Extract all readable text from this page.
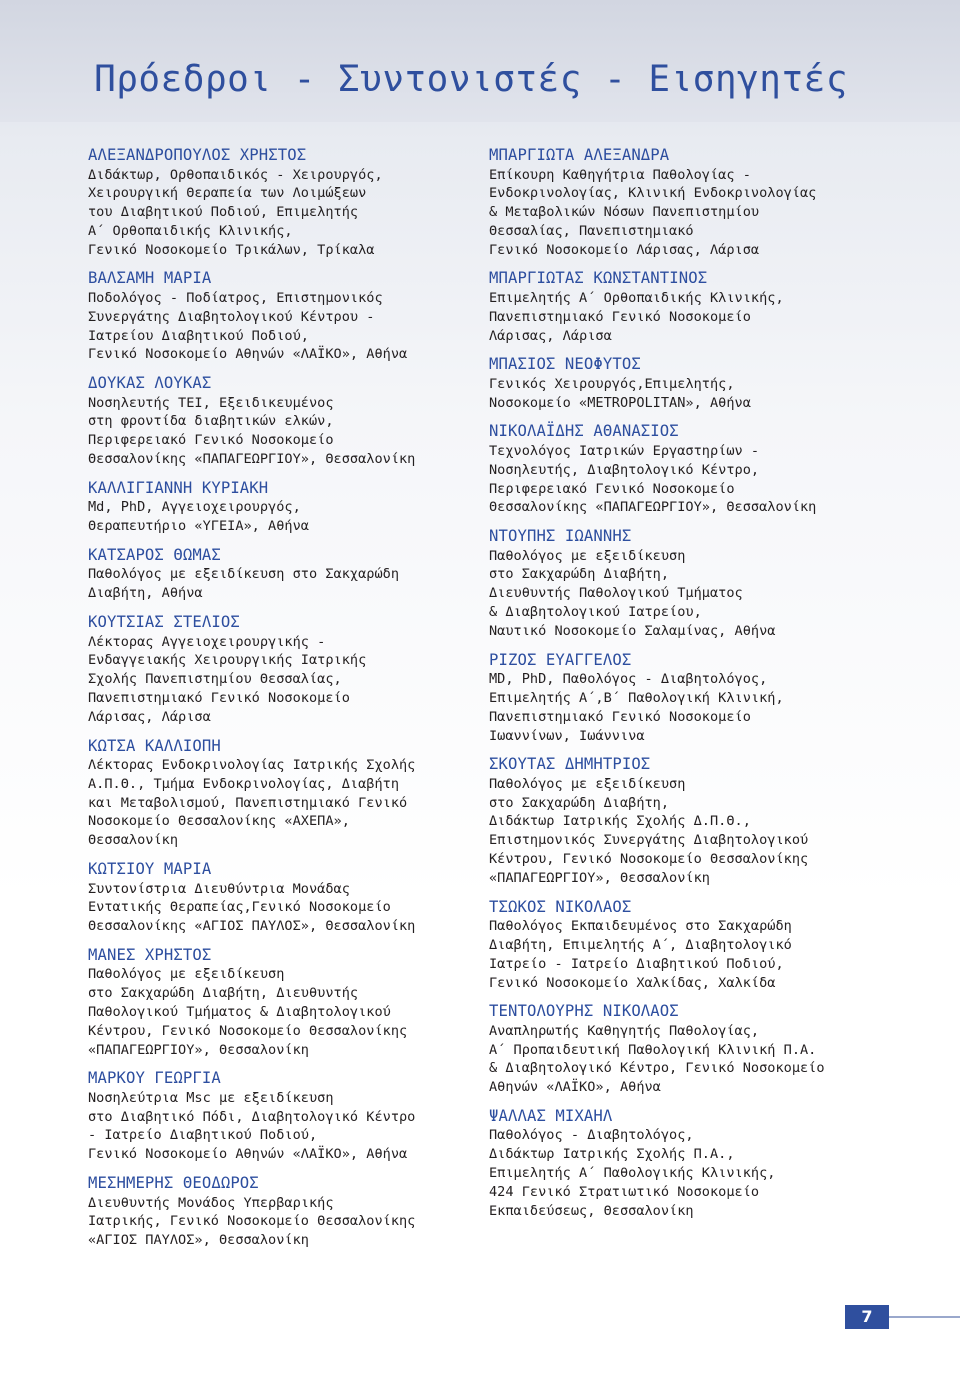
Πρόεδροι - Συντονιστές - Εισηγητές
ΑΛΕΞΑΝΔΡΟΠΟΥΛΟΣ ΧΡΗΣΤΟΣ
Διδάκτωρ, Ορθοπαιδικός - Χειρουργός,
Χειρουργική Θεραπεία των Λοιμώξεων
του Διαβητικού Ποδιού, Επιμελητής
Α΄ Ορθοπαιδικής Κλινικής,
Γενικό Νοσοκομείο Τρικάλων, Τρίκαλα
ΒΑΛΣΑΜΗ ΜΑΡΙΑ
Ποδολόγος - Ποδίατρος, Επιστημονικός
Συνεργάτης Διαβητολογικού Κέντρου -
Ιατρείου Διαβητικού Ποδιού,
Γενικό Νοσοκομείο Αθηνών «ΛΑΪΚΟ», Αθήνα
ΔΟΥΚΑΣ ΛΟΥΚΑΣ
Νοσηλευτής ΤΕΙ, Εξειδικευμένος
στη φροντίδα διαβητικών ελκών,
Περιφερειακό Γενικό Νοσοκομείο
Θεσσαλονίκης «ΠΑΠΑΓΕΩΡΓΙΟΥ», Θεσσαλονίκη
ΚΑΛΛΙΓΙΑΝΝΗ ΚΥΡΙΑΚΗ
Md, PhD, Αγγειοχειρουργός,
Θεραπευτήριο «ΥΓΕΙΑ», Αθήνα
ΚΑΤΣΑΡΟΣ ΘΩΜΑΣ
Παθολόγος με εξειδίκευση στο Σακχαρώδη
Διαβήτη, Αθήνα
ΚΟΥΤΣΙΑΣ ΣΤΕΛΙΟΣ
Λέκτορας Αγγειοχειρουργικής -
Ενδαγγειακής Χειρουργικής Ιατρικής
Σχολής Πανεπιστημίου Θεσσαλίας,
Πανεπιστημιακό Γενικό Νοσοκομείο
Λάρισας, Λάρισα
ΚΩΤΣΑ ΚΑΛΛΙΟΠΗ
Λέκτορας Ενδοκρινολογίας Ιατρικής Σχολής
Α.Π.Θ., Τμήμα Ενδοκρινολογίας, Διαβήτη
και Μεταβολισμού, Πανεπιστημιακό Γενικό
Νοσοκομείο Θεσσαλονίκης «ΑΧΕΠΑ»,
Θεσσαλονίκη
ΚΩΤΣΙΟΥ ΜΑΡΙΑ
Συντονίστρια Διευθύντρια Μονάδας
Εντατικής Θεραπείας,Γενικό Νοσοκομείο
Θεσσαλονίκης «ΑΓΙΟΣ ΠΑΥΛΟΣ», Θεσσαλονίκη
ΜΑΝΕΣ ΧΡΗΣΤΟΣ
Παθολόγος με εξειδίκευση
στο Σακχαρώδη Διαβήτη, Διευθυντής
Παθολογικού Τμήματος & Διαβητολογικού
Κέντρου, Γενικό Νοσοκομείο Θεσσαλονίκης
«ΠΑΠΑΓΕΩΡΓΙΟΥ», Θεσσαλονίκη
ΜΑΡΚΟΥ ΓΕΩΡΓΙΑ
Νοσηλεύτρια Msc με εξειδίκευση
στο Διαβητικό Πόδι, Διαβητολογικό Κέντρο
- Ιατρείο Διαβητικού Ποδιού,
Γενικό Νοσοκομείο Αθηνών «ΛΑΪΚΟ», Αθήνα
ΜΕΣΗΜΕΡΗΣ ΘΕΟΔΩΡΟΣ
Διευθυντής Μονάδος Υπερβαρικής
Ιατρικής, Γενικό Νοσοκομείο Θεσσαλονίκης
«ΑΓΙΟΣ ΠΑΥΛΟΣ», Θεσσαλονίκη
ΜΠΑΡΓΙΩΤΑ ΑΛΕΞΑΝΔΡΑ
Επίκουρη Καθηγήτρια Παθολογίας -
Ενδοκρινολογίας, Κλινική Ενδοκρινολογίας
& Μεταβολικών Νόσων Πανεπιστημίου
Θεσσαλίας, Πανεπιστημιακό
Γενικό Νοσοκομείο Λάρισας, Λάρισα
ΜΠΑΡΓΙΩΤΑΣ ΚΩΝΣΤΑΝΤΙΝΟΣ
Επιμελητής Α΄ Ορθοπαιδικής Κλινικής,
Πανεπιστημιακό Γενικό Νοσοκομείο
Λάρισας, Λάρισα
ΜΠΑΣΙΟΣ ΝΕΟΦΥΤΟΣ
Γενικός Χειρουργός,Επιμελητής,
Νοσοκομείο «METROPOLITAN», Αθήνα
ΝΙΚΟΛΑΪΔΗΣ ΑΘΑΝΑΣΙΟΣ
Τεχνολόγος Ιατρικών Εργαστηρίων -
Νοσηλευτής, Διαβητολογικό Κέντρο,
Περιφερειακό Γενικό Νοσοκομείο
Θεσσαλονίκης «ΠΑΠΑΓΕΩΡΓΙΟΥ», Θεσσαλονίκη
ΝΤΟΥΠΗΣ ΙΩΑΝΝΗΣ
Παθολόγος με εξειδίκευση
στο Σακχαρώδη Διαβήτη,
Διευθυντής Παθολογικού Τμήματος
& Διαβητολογικού Ιατρείου,
Ναυτικό Νοσοκομείο Σαλαμίνας, Αθήνα
ΡΙΖΟΣ ΕΥΑΓΓΕΛΟΣ
MD, PhD, Παθολόγος - Διαβητολόγος,
Επιμελητής Α΄,Β΄ Παθολογική Κλινική,
Πανεπιστημιακό Γενικό Νοσοκομείο
Ιωαννίνων, Ιωάννινα
ΣΚΟΥΤΑΣ ΔΗΜΗΤΡΙΟΣ
Παθολόγος με εξειδίκευση
στο Σακχαρώδη Διαβήτη,
Διδάκτωρ Ιατρικής Σχολής Δ.Π.Θ.,
Επιστημονικός Συνεργάτης Διαβητολογικού
Κέντρου, Γενικό Νοσοκομείο Θεσσαλονίκης
«ΠΑΠΑΓΕΩΡΓΙΟΥ», Θεσσαλονίκη
ΤΣΩΚΟΣ ΝΙΚΟΛΑΟΣ
Παθολόγος Εκπαιδευμένος στο Σακχαρώδη
Διαβήτη, Επιμελητής Α΄, Διαβητολογικό
Ιατρείο - Ιατρείο Διαβητικού Ποδιού,
Γενικό Νοσοκομείο Χαλκίδας, Χαλκίδα
ΤΕΝΤΟΛΟΥΡΗΣ ΝΙΚΟΛΑΟΣ
Αναπληρωτής Καθηγητής Παθολογίας,
Α΄ Προπαιδευτική Παθολογική Κλινική Π.Α.
& Διαβητολογικό Κέντρο, Γενικό Νοσοκομείο
Αθηνών «ΛΑΪΚΟ», Αθήνα
ΨΑΛΛΑΣ ΜΙΧΑΗΛ
Παθολόγος - Διαβητολόγος,
Διδάκτωρ Ιατρικής Σχολής Π.Α.,
Επιμελητής Α΄ Παθολογικής Κλινικής,
424 Γενικό Στρατιωτικό Νοσοκομείο
Εκπαιδεύσεως, Θεσσαλονίκη
7
